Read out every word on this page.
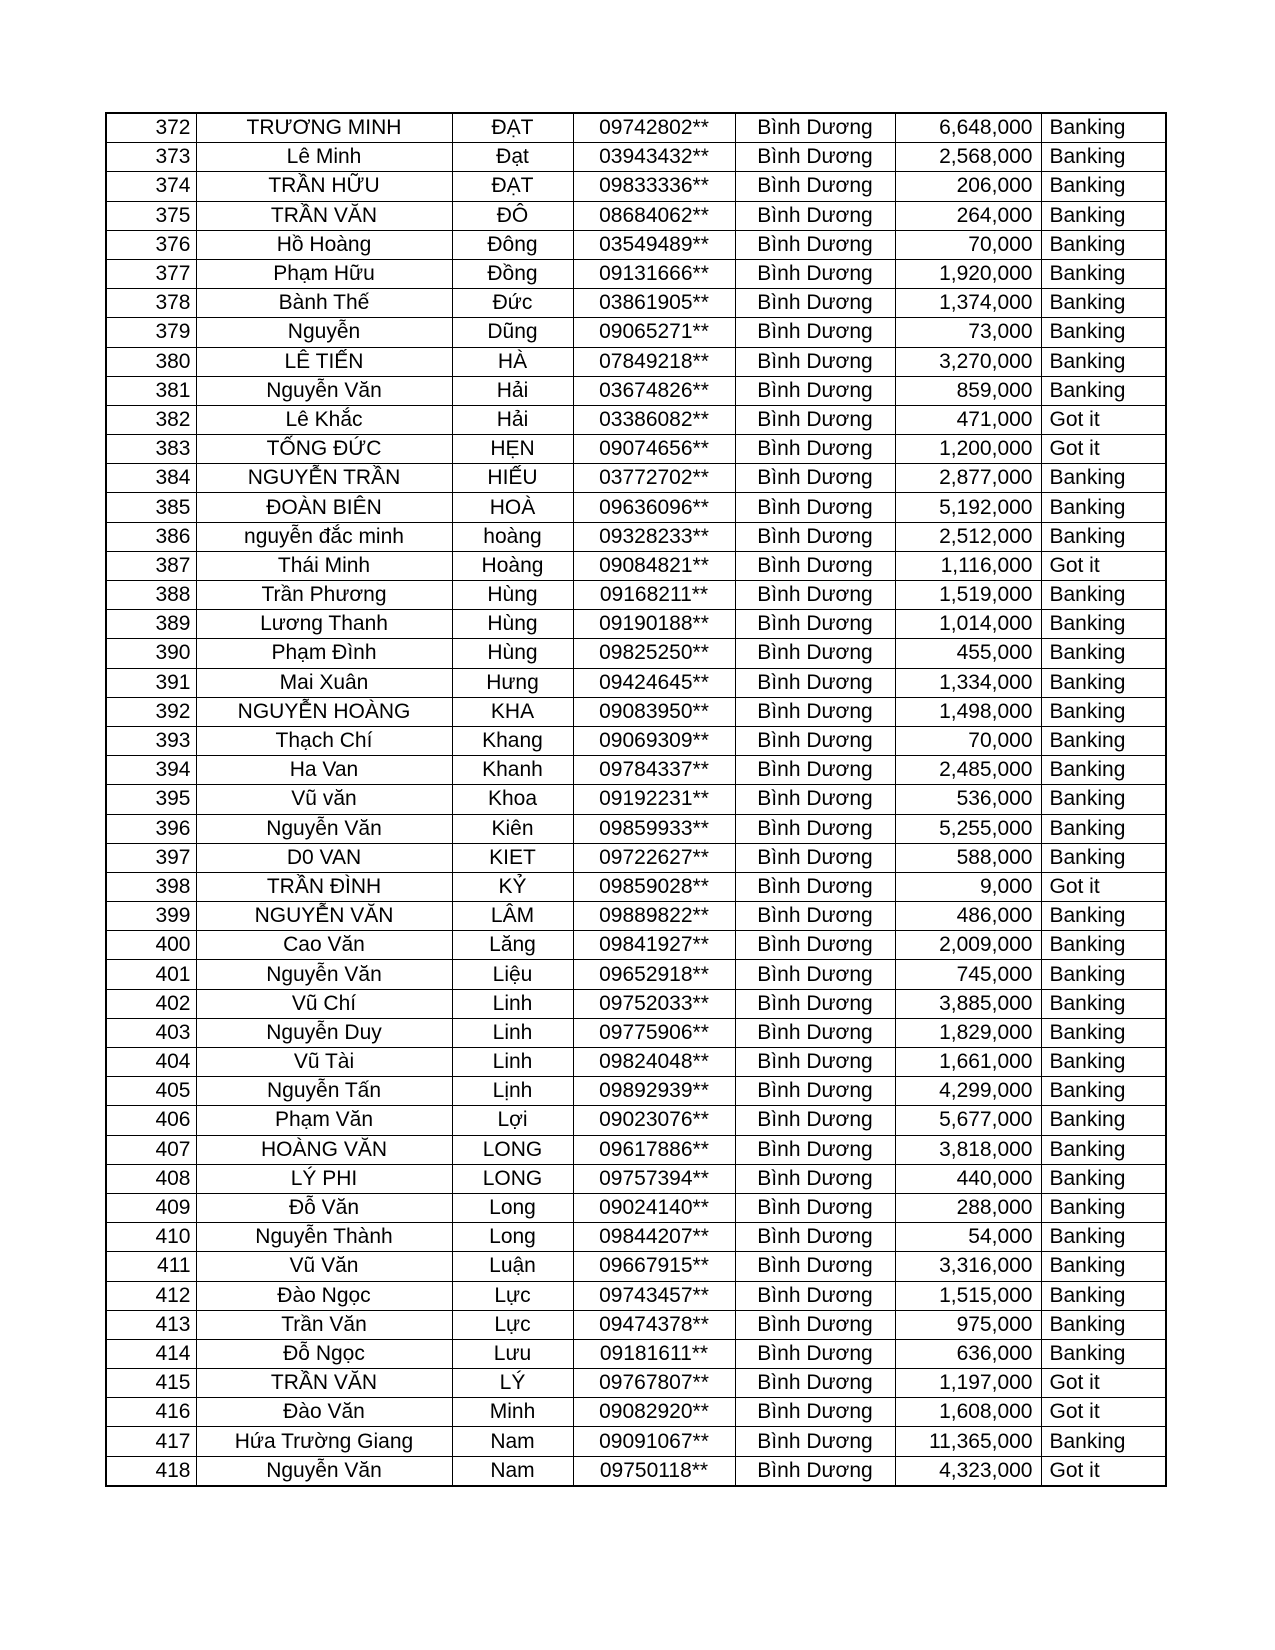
372	TRƯƠNG MINH	ĐẠT	09742802**	Bình Dương	6,648,000	Banking
373	Lê Minh	Đạt	03943432**	Bình Dương	2,568,000	Banking
374	TRẦN HỮU	ĐẠT	09833336**	Bình Dương	206,000	Banking
375	TRẦN VĂN	ĐÔ	08684062**	Bình Dương	264,000	Banking
376	Hồ Hoàng	Đông	03549489**	Bình Dương	70,000	Banking
377	Phạm Hữu	Đồng	09131666**	Bình Dương	1,920,000	Banking
378	Bành Thế	Đức	03861905**	Bình Dương	1,374,000	Banking
379	Nguyễn	Dũng	09065271**	Bình Dương	73,000	Banking
380	LÊ TIẾN	HÀ	07849218**	Bình Dương	3,270,000	Banking
381	Nguyễn Văn	Hải	03674826**	Bình Dương	859,000	Banking
382	Lê Khắc	Hải	03386082**	Bình Dương	471,000	Got it
383	TỐNG ĐỨC	HẸN	09074656**	Bình Dương	1,200,000	Got it
384	NGUYỄN TRẦN	HIẾU	03772702**	Bình Dương	2,877,000	Banking
385	ĐOÀN BIÊN	HOÀ	09636096**	Bình Dương	5,192,000	Banking
386	nguyễn đắc minh	hoàng	09328233**	Bình Dương	2,512,000	Banking
387	Thái Minh	Hoàng	09084821**	Bình Dương	1,116,000	Got it
388	Trần Phương	Hùng	09168211**	Bình Dương	1,519,000	Banking
389	Lương Thanh	Hùng	09190188**	Bình Dương	1,014,000	Banking
390	Phạm Đình	Hùng	09825250**	Bình Dương	455,000	Banking
391	Mai Xuân	Hưng	09424645**	Bình Dương	1,334,000	Banking
392	NGUYỄN HOÀNG	KHA	09083950**	Bình Dương	1,498,000	Banking
393	Thạch Chí	Khang	09069309**	Bình Dương	70,000	Banking
394	Ha Van	Khanh	09784337**	Bình Dương	2,485,000	Banking
395	Vũ văn	Khoa	09192231**	Bình Dương	536,000	Banking
396	Nguyễn Văn	Kiên	09859933**	Bình Dương	5,255,000	Banking
397	D0 VAN	KIET	09722627**	Bình Dương	588,000	Banking
398	TRẦN ĐÌNH	KỶ	09859028**	Bình Dương	9,000	Got it
399	NGUYỄN VĂN	LÂM	09889822**	Bình Dương	486,000	Banking
400	Cao Văn	Lăng	09841927**	Bình Dương	2,009,000	Banking
401	Nguyễn Văn	Liệu	09652918**	Bình Dương	745,000	Banking
402	Vũ Chí	Linh	09752033**	Bình Dương	3,885,000	Banking
403	Nguyễn Duy	Linh	09775906**	Bình Dương	1,829,000	Banking
404	Vũ Tài	Linh	09824048**	Bình Dương	1,661,000	Banking
405	Nguyễn Tấn	Lịnh	09892939**	Bình Dương	4,299,000	Banking
406	Phạm Văn	Lợi	09023076**	Bình Dương	5,677,000	Banking
407	HOÀNG VĂN	LONG	09617886**	Bình Dương	3,818,000	Banking
408	LÝ PHI	LONG	09757394**	Bình Dương	440,000	Banking
409	Đỗ Văn	Long	09024140**	Bình Dương	288,000	Banking
410	Nguyễn Thành	Long	09844207**	Bình Dương	54,000	Banking
411	Vũ Văn	Luận	09667915**	Bình Dương	3,316,000	Banking
412	Đào Ngọc	Lực	09743457**	Bình Dương	1,515,000	Banking
413	Trần Văn	Lực	09474378**	Bình Dương	975,000	Banking
414	Đỗ Ngọc	Lưu	09181611**	Bình Dương	636,000	Banking
415	TRẦN VĂN	LÝ	09767807**	Bình Dương	1,197,000	Got it
416	Đào Văn	Minh	09082920**	Bình Dương	1,608,000	Got it
417	Hứa Trường Giang	Nam	09091067**	Bình Dương	11,365,000	Banking
418	Nguyễn Văn	Nam	09750118**	Bình Dương	4,323,000	Got it
